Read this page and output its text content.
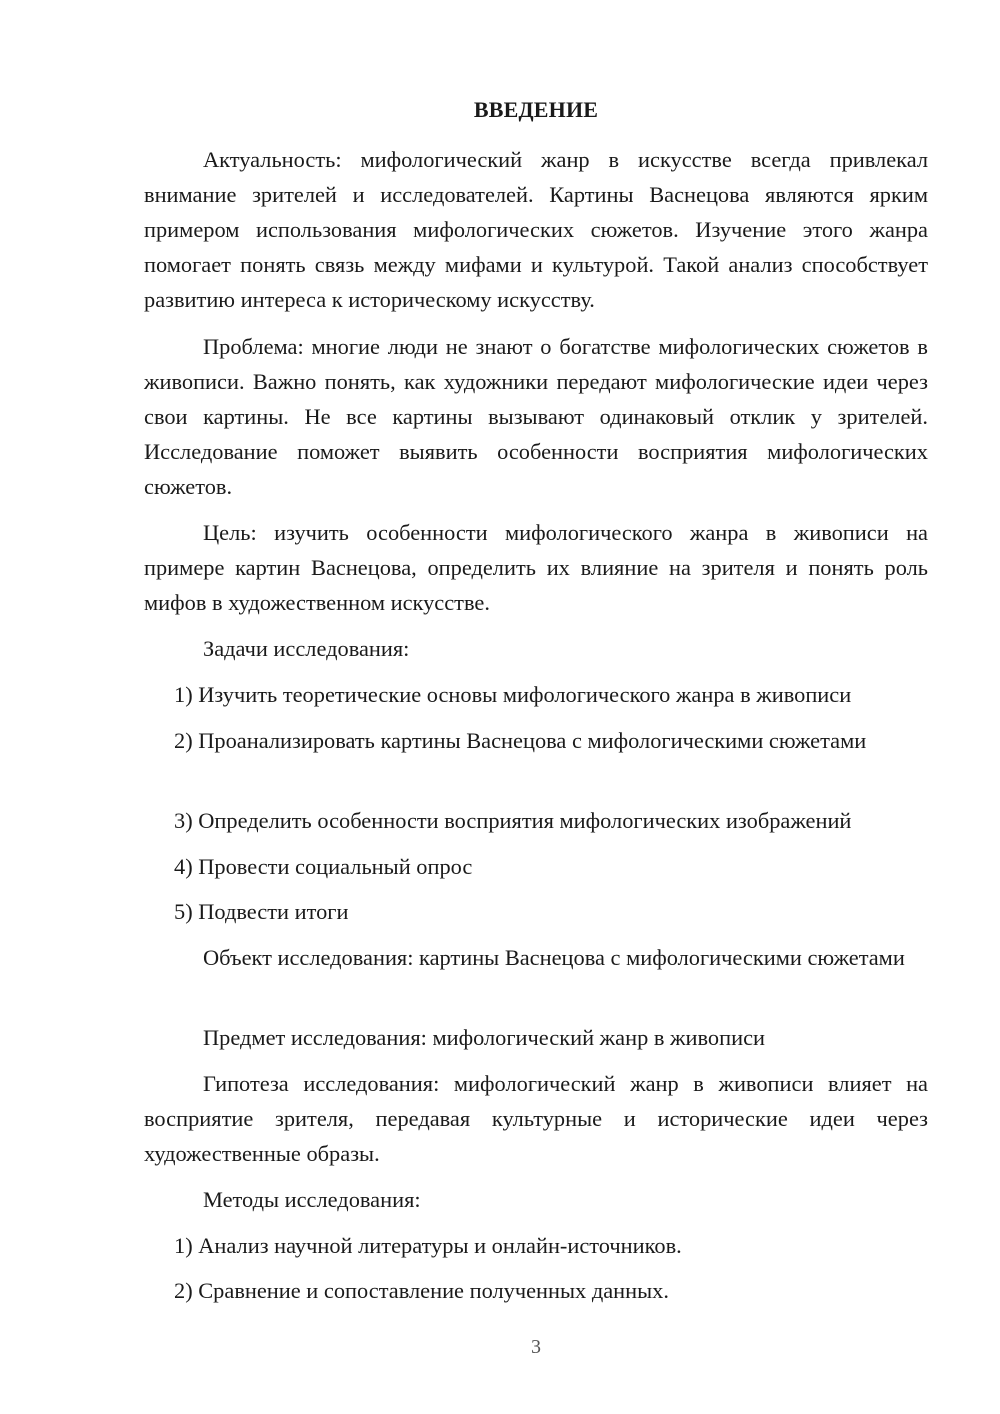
ВВЕДЕНИЕ

Актуальность: мифологический жанр в искусстве всегда привлекал внимание зрителей и исследователей. Картины Васнецова являются ярким примером использования мифологических сюжетов. Изучение этого жанра помогает понять связь между мифами и культурой. Такой анализ способствует развитию интереса к историческому искусству.

Проблема: многие люди не знают о богатстве мифологических сюжетов в живописи. Важно понять, как художники передают мифологические идеи через свои картины. Не все картины вызывают одинаковый отклик у зрителей. Исследование поможет выявить особенности восприятия мифологических сюжетов.

Цель: изучить особенности мифологического жанра в живописи на примере картин Васнецова, определить их влияние на зрителя и понять роль мифов в художественном искусстве.

Задачи исследования:

1) Изучить теоретические основы мифологического жанра в живописи

2) Проанализировать картины Васнецова с мифологическими сюжетами

3) Определить особенности восприятия мифологических изображений

4) Провести социальный опрос

5) Подвести итоги

Объект исследования: картины Васнецова с мифологическими сюжетами

Предмет исследования: мифологический жанр в живописи

Гипотеза исследования: мифологический жанр в живописи влияет на восприятие зрителя, передавая культурные и исторические идеи через художественные образы.

Методы исследования:

1) Анализ научной литературы и онлайн-источников.

2) Сравнение и сопоставление полученных данных.

3
